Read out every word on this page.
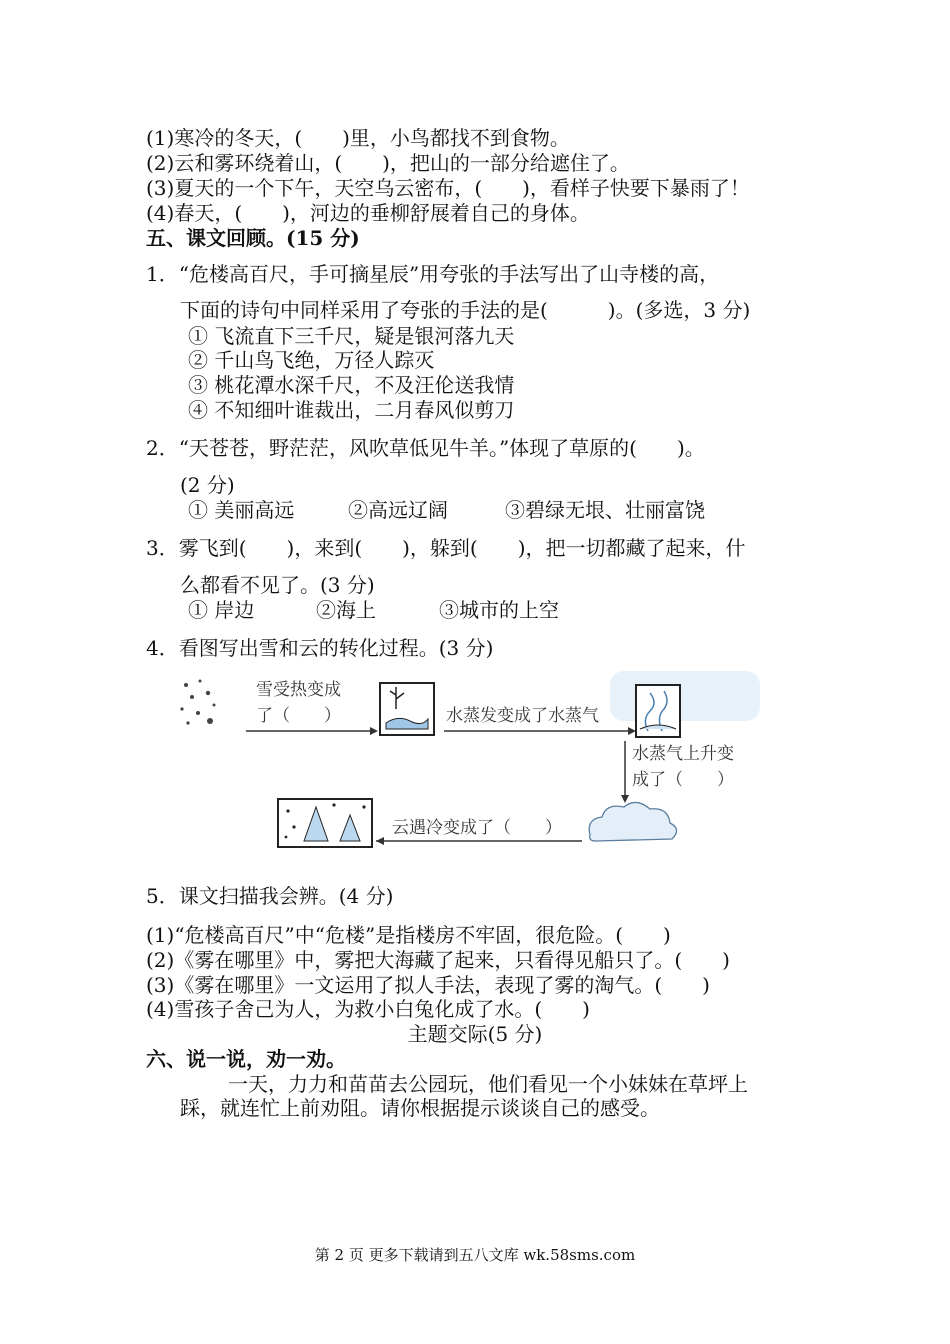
(1)寒冷的冬天，(　　)里，小鸟都找不到食物。
(2)云和雾环绕着山，(　　)，把山的一部分给遮住了。
(3)夏天的一个下午，天空乌云密布，(　　)，看样子快要下暴雨了！
(4)春天，(　　)，河边的垂柳舒展着自己的身体。
五、课文回顾。(15 分)
1．“危楼高百尺，手可摘星辰”用夸张的手法写出了山寺楼的高，
下面的诗句中同样采用了夸张的手法的是(　　　)。(多选，3 分)
① 飞流直下三千尺，疑是银河落九天
② 千山鸟飞绝，万径人踪灭
③ 桃花潭水深千尺，不及汪伦送我情
④ 不知细叶谁裁出，二月春风似剪刀
2．“天苍苍，野茫茫，风吹草低见牛羊。”体现了草原的(　　)。
(2 分)
① 美丽高远	②高远辽阔	③碧绿无垠、壮丽富饶
3．雾飞到(　　)，来到(　　)，躲到(　　)，把一切都藏了起来，什
么都看不见了。(3 分)
① 岸边	②海上	③城市的上空
4．看图写出雪和云的转化过程。(3 分)
雪受热变成
了（　　）	水蒸发变成了水蒸气
水蒸气上升变
成了（　　）
云遇冷变成了（　　）
5．课文扫描我会辨。(4 分)
(1)“危楼高百尺”中“危楼”是指楼房不牢固，很危险。(　　)
(2)《雾在哪里》中，雾把大海藏了起来，只看得见船只了。(　　)
(3)《雾在哪里》一文运用了拟人手法，表现了雾的淘气。(　　)
(4)雪孩子舍己为人，为救小白兔化成了水。(　　)
主题交际(5 分)
六、说一说，劝一劝。
一天，力力和苗苗去公园玩，他们看见一个小妹妹在草坪上
踩，就连忙上前劝阻。请你根据提示谈谈自己的感受。
第 2 页 更多下载请到五八文库 wk.58sms.com
